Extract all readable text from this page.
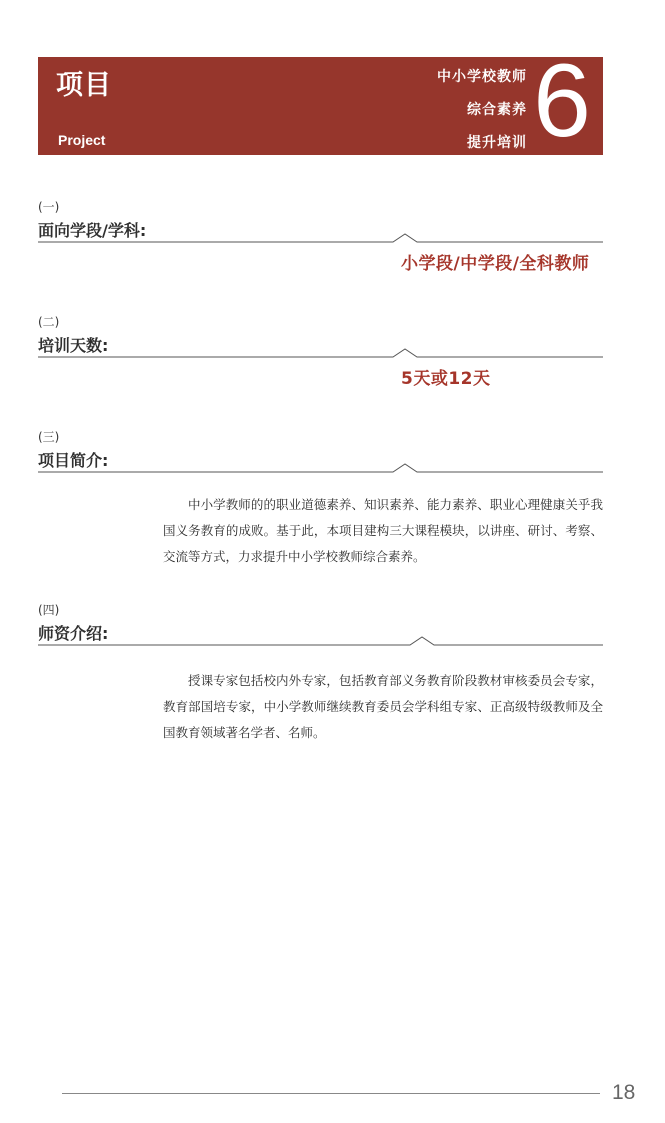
项目
Project
中小学校教师
综合素养
提升培训 6
(一)
面向学段/学科:
小学段/中学段/全科教师
(二)
培训天数:
5天或12天
(三)
项目简介:
中小学教师的的职业道德素养、知识素养、能力素养、职业心理健康关乎我国义务教育的成败。基于此，本项目建构三大课程模块，以讲座、研讨、考察、交流等方式，力求提升中小学校教师综合素养。
(四)
师资介绍:
授课专家包括校内外专家，包括教育部义务教育阶段教材审核委员会专家，教育部国培专家，中小学教师继续教育委员会学科组专家、正高级特级教师及全国教育领域著名学者、名师。
18
